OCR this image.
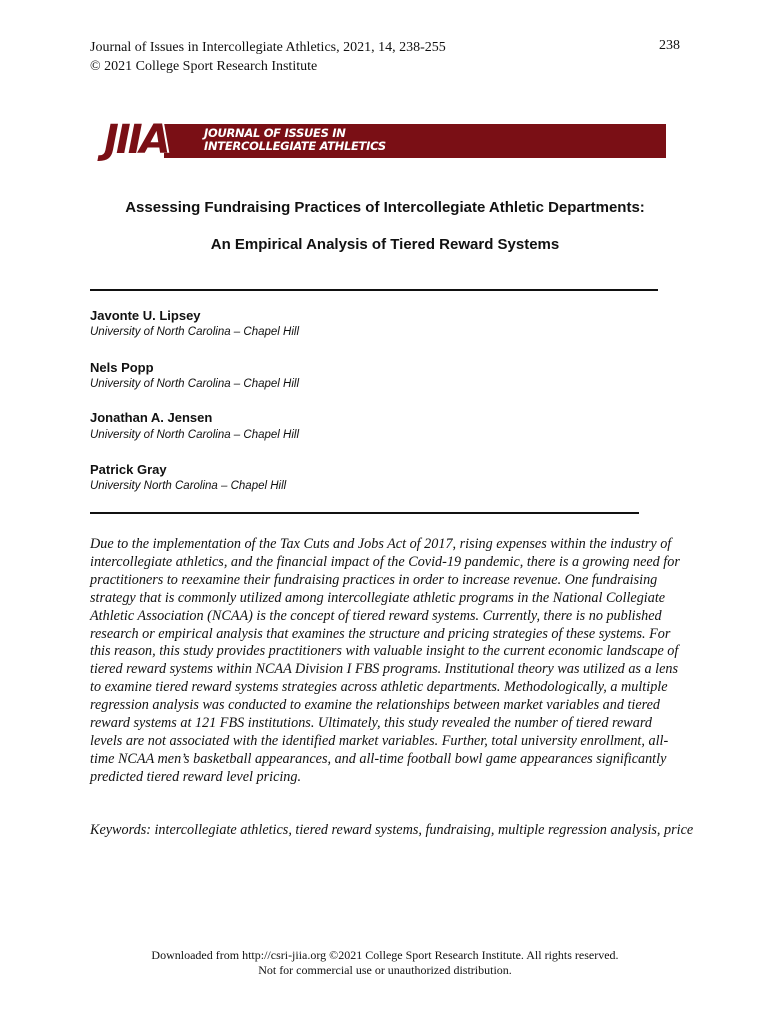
Journal of Issues in Intercollegiate Athletics, 2021, 14, 238-255
© 2021 College Sport Research Institute
238
JIIA	JOURNAL OF ISSUES IN
INTERCOLLEGIATE ATHLETICS
Assessing Fundraising Practices of Intercollegiate Athletic Departments:
An Empirical Analysis of Tiered Reward Systems
Javonte U. Lipsey
University of North Carolina – Chapel Hill
Nels Popp
University of North Carolina – Chapel Hill
Jonathan A. Jensen
University of North Carolina – Chapel Hill
Patrick Gray
University North Carolina – Chapel Hill
Due to the implementation of the Tax Cuts and Jobs Act of 2017, rising expenses within the industry of intercollegiate athletics, and the financial impact of the Covid-19 pandemic, there is a growing need for practitioners to reexamine their fundraising practices in order to increase revenue. One fundraising strategy that is commonly utilized among intercollegiate athletic programs in the National Collegiate Athletic Association (NCAA) is the concept of tiered reward systems. Currently, there is no published research or empirical analysis that examines the structure and pricing strategies of these systems. For this reason, this study provides practitioners with valuable insight to the current economic landscape of tiered reward systems within NCAA Division I FBS programs. Institutional theory was utilized as a lens to examine tiered reward systems strategies across athletic departments. Methodologically, a multiple regression analysis was conducted to examine the relationships between market variables and tiered reward systems at 121 FBS institutions. Ultimately, this study revealed the number of tiered reward levels are not associated with the identified market variables. Further, total university enrollment, all-time NCAA men’s basketball appearances, and all-time football bowl game appearances significantly predicted tiered reward level pricing.
Keywords: intercollegiate athletics, tiered reward systems, fundraising, multiple regression analysis, price
Downloaded from http://csri-jiia.org ©2021 College Sport Research Institute. All rights reserved.
Not for commercial use or unauthorized distribution.
